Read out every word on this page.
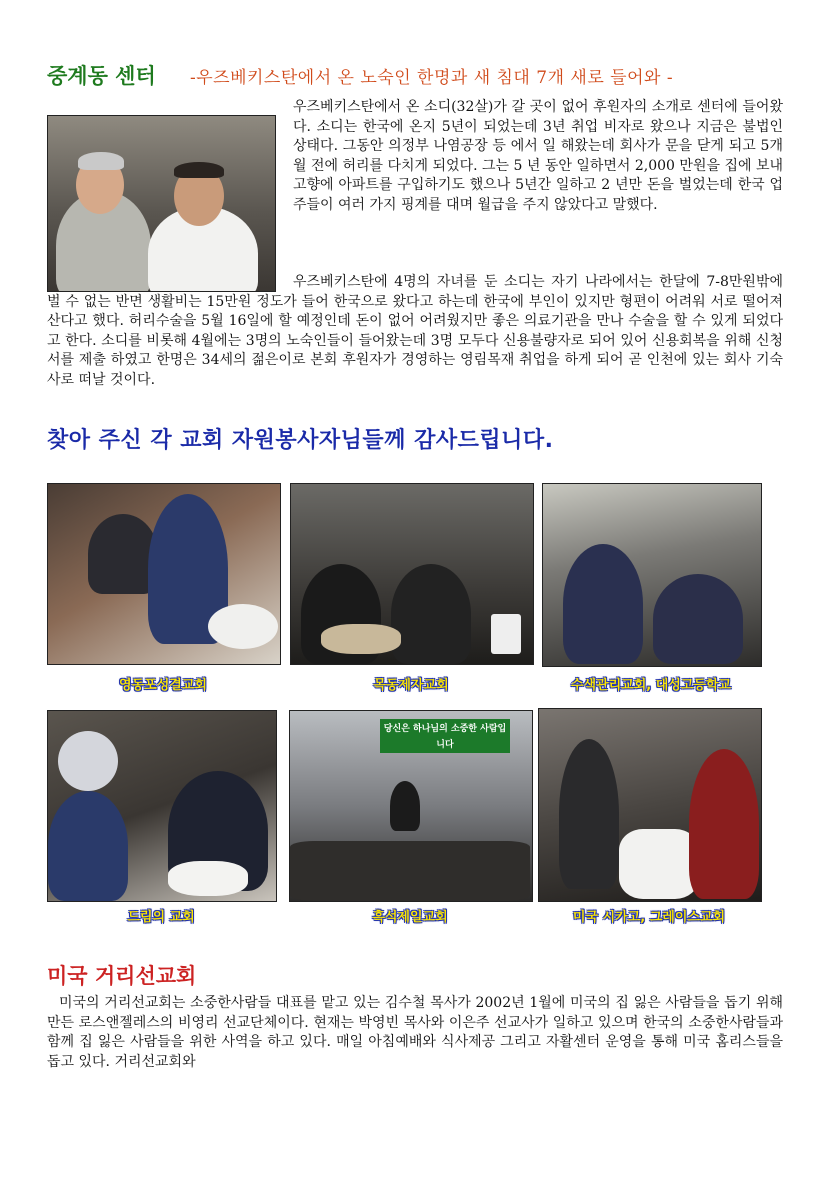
중계동 센터 -우즈베키스탄에서 온 노숙인 한명과 새 침대 7개 새로 들어와 -
우즈베키스탄에서 온 소디(32살)가 갈 곳이 없어 후원자의 소개로 센터에 들어왔다. 소디는 한국에 온지 5년이 되었는데 3년 취업 비자로 왔으나 지금은 불법인 상태다. 그동안 의정부 나염공장 등 에서 일 해왔는데 회사가 문을 닫게 되고 5개월 전에 허리를 다치게 되었다. 그는 5 년 동안 일하면서 2,000 만원을 집에 보내 고향에 아파트를 구입하기도 했으나 5년간 일하고 2 년만 돈을 벌었는데 한국 업주들이 여러 가지 핑계를 대며 월급을 주지 않았다고 말했다.
우즈베키스탄에 4명의 자녀를 둔 소디는 자기 나라에서는 한달에 7-8만원밖에 벌 수 없는 반면 생활비는 15만원 정도가 들어 한국으로 왔다고 하는데 한국에 부인이 있지만 형편이 어려워 서로 떨어져 산다고 했다. 허리수술을 5월 16일에 할 예정인데 돈이 없어 어려웠지만 좋은 의료기관을 만나 수술을 할 수 있게 되었다고 한다. 소디를 비롯해 4월에는 3명의 노숙인들이 들어왔는데 3명 모두다 신용불량자로 되어 있어 신용회복을 위해 신청서를 제출 하였고 한명은 34세의 젊은이로 본회 후원자가 경영하는 영림목재 취업을 하게 되어 곧 인천에 있는 회사 기숙사로 떠날 것이다.
찾아 주신 각 교회 자원봉사자님들께 감사드립니다.
영동포성결교회	목동제자교회	수색관리교회, 대성고등학교
당신은 하나님의 소중한 사람입니다
드림의 교회	흑석제일교회	미국 시카고, 그레이스교회
미국 거리선교회
미국의 거리선교회는 소중한사람들 대표를 맡고 있는 김수철 목사가 2002년 1월에 미국의 집 잃은 사람들을 돕기 위해 만든 로스앤젤레스의 비영리 선교단체이다. 현재는 박영빈 목사와 이은주 선교사가 일하고 있으며 한국의 소중한사람들과 함께 집 잃은 사람들을 위한 사역을 하고 있다. 매일 아침예배와 식사제공 그리고 자활센터 운영을 통해 미국 홈리스들을 돕고 있다. 거리선교회와
